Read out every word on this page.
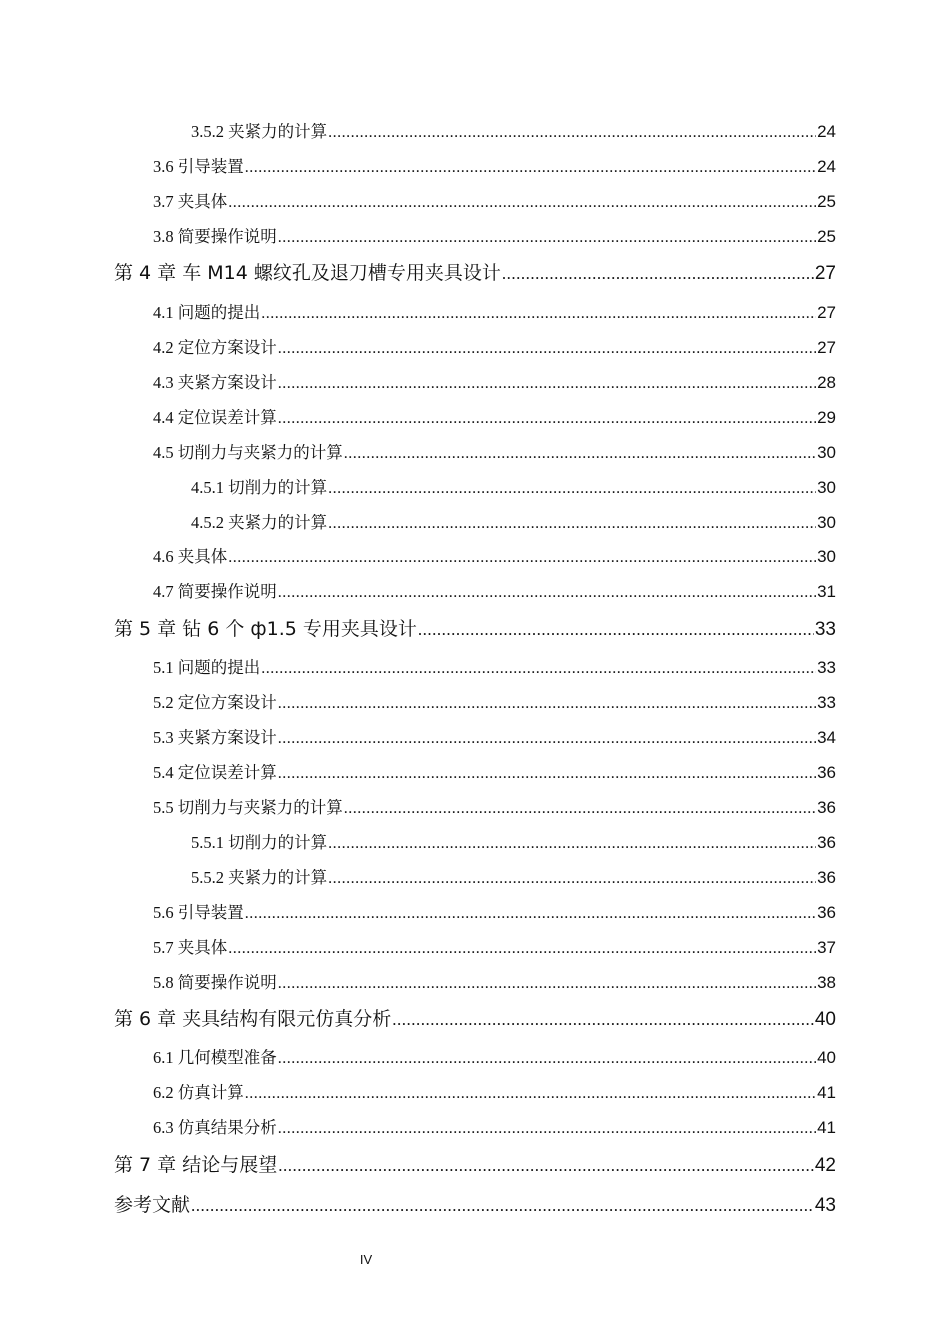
3.5.2 夹紧力的计算 .....	24
3.6 引导装置 .....	24
3.7 夹具体 .....	25
3.8 简要操作说明 .....	25
第 4 章 车 M14 螺纹孔及退刀槽专用夹具设计 .....	27
4.1 问题的提出 .....	27
4.2 定位方案设计 .....	27
4.3 夹紧方案设计 .....	28
4.4 定位误差计算 .....	29
4.5 切削力与夹紧力的计算 .....	30
4.5.1 切削力的计算 .....	30
4.5.2 夹紧力的计算 .....	30
4.6 夹具体 .....	30
4.7 简要操作说明 .....	31
第 5 章 钻 6 个 ф1.5 专用夹具设计 .....	33
5.1 问题的提出 .....	33
5.2 定位方案设计 .....	33
5.3 夹紧方案设计 .....	34
5.4 定位误差计算 .....	36
5.5 切削力与夹紧力的计算 .....	36
5.5.1 切削力的计算 .....	36
5.5.2 夹紧力的计算 .....	36
5.6 引导装置 .....	36
5.7 夹具体 .....	37
5.8 简要操作说明 .....	38
第 6 章 夹具结构有限元仿真分析 .....	40
6.1 几何模型准备 .....	40
6.2 仿真计算 .....	41
6.3 仿真结果分析 .....	41
第 7 章 结论与展望 .....	42
参考文献 .....	43
IV
